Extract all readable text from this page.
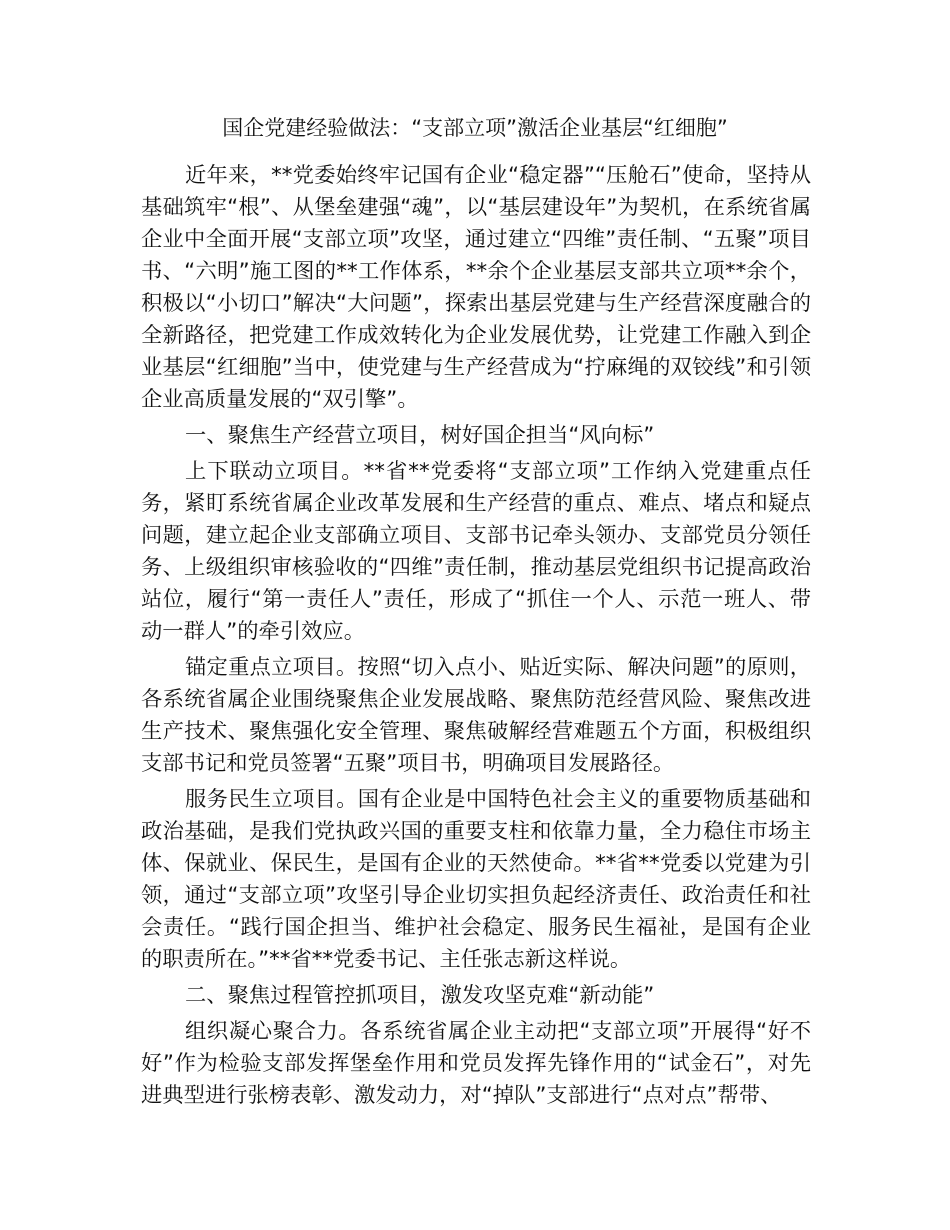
国企党建经验做法：“支部立项”激活企业基层“红细胞”

近年来，**党委始终牢记国有企业“稳定器”“压舱石”使命，坚持从基础筑牢“根”、从堡垒建强“魂”，以“基层建设年”为契机，在系统省属企业中全面开展“支部立项”攻坚，通过建立“四维”责任制、“五聚”项目书、“六明”施工图的**工作体系，**余个企业基层支部共立项**余个，积极以“小切口”解决“大问题”，探索出基层党建与生产经营深度融合的全新路径，把党建工作成效转化为企业发展优势，让党建工作融入到企业基层“红细胞”当中，使党建与生产经营成为“拧麻绳的双铰线”和引领企业高质量发展的“双引擎”。

一、聚焦生产经营立项目，树好国企担当“风向标”

上下联动立项目。**省**党委将“支部立项”工作纳入党建重点任务，紧盯系统省属企业改革发展和生产经营的重点、难点、堵点和疑点问题，建立起企业支部确立项目、支部书记牵头领办、支部党员分领任务、上级组织审核验收的“四维”责任制，推动基层党组织书记提高政治站位，履行“第一责任人”责任，形成了“抓住一个人、示范一班人、带动一群人”的牵引效应。

锚定重点立项目。按照“切入点小、贴近实际、解决问题”的原则，各系统省属企业围绕聚焦企业发展战略、聚焦防范经营风险、聚焦改进生产技术、聚焦强化安全管理、聚焦破解经营难题五个方面，积极组织支部书记和党员签署“五聚”项目书，明确项目发展路径。

服务民生立项目。国有企业是中国特色社会主义的重要物质基础和政治基础，是我们党执政兴国的重要支柱和依靠力量，全力稳住市场主体、保就业、保民生，是国有企业的天然使命。**省**党委以党建为引领，通过“支部立项”攻坚引导企业切实担负起经济责任、政治责任和社会责任。“践行国企担当、维护社会稳定、服务民生福祉，是国有企业的职责所在。”**省**党委书记、主任张志新这样说。

二、聚焦过程管控抓项目，激发攻坚克难“新动能”

组织凝心聚合力。各系统省属企业主动把“支部立项”开展得“好不好”作为检验支部发挥堡垒作用和党员发挥先锋作用的“试金石”，对先进典型进行张榜表彰、激发动力，对“掉队”支部进行“点对点”帮带、
